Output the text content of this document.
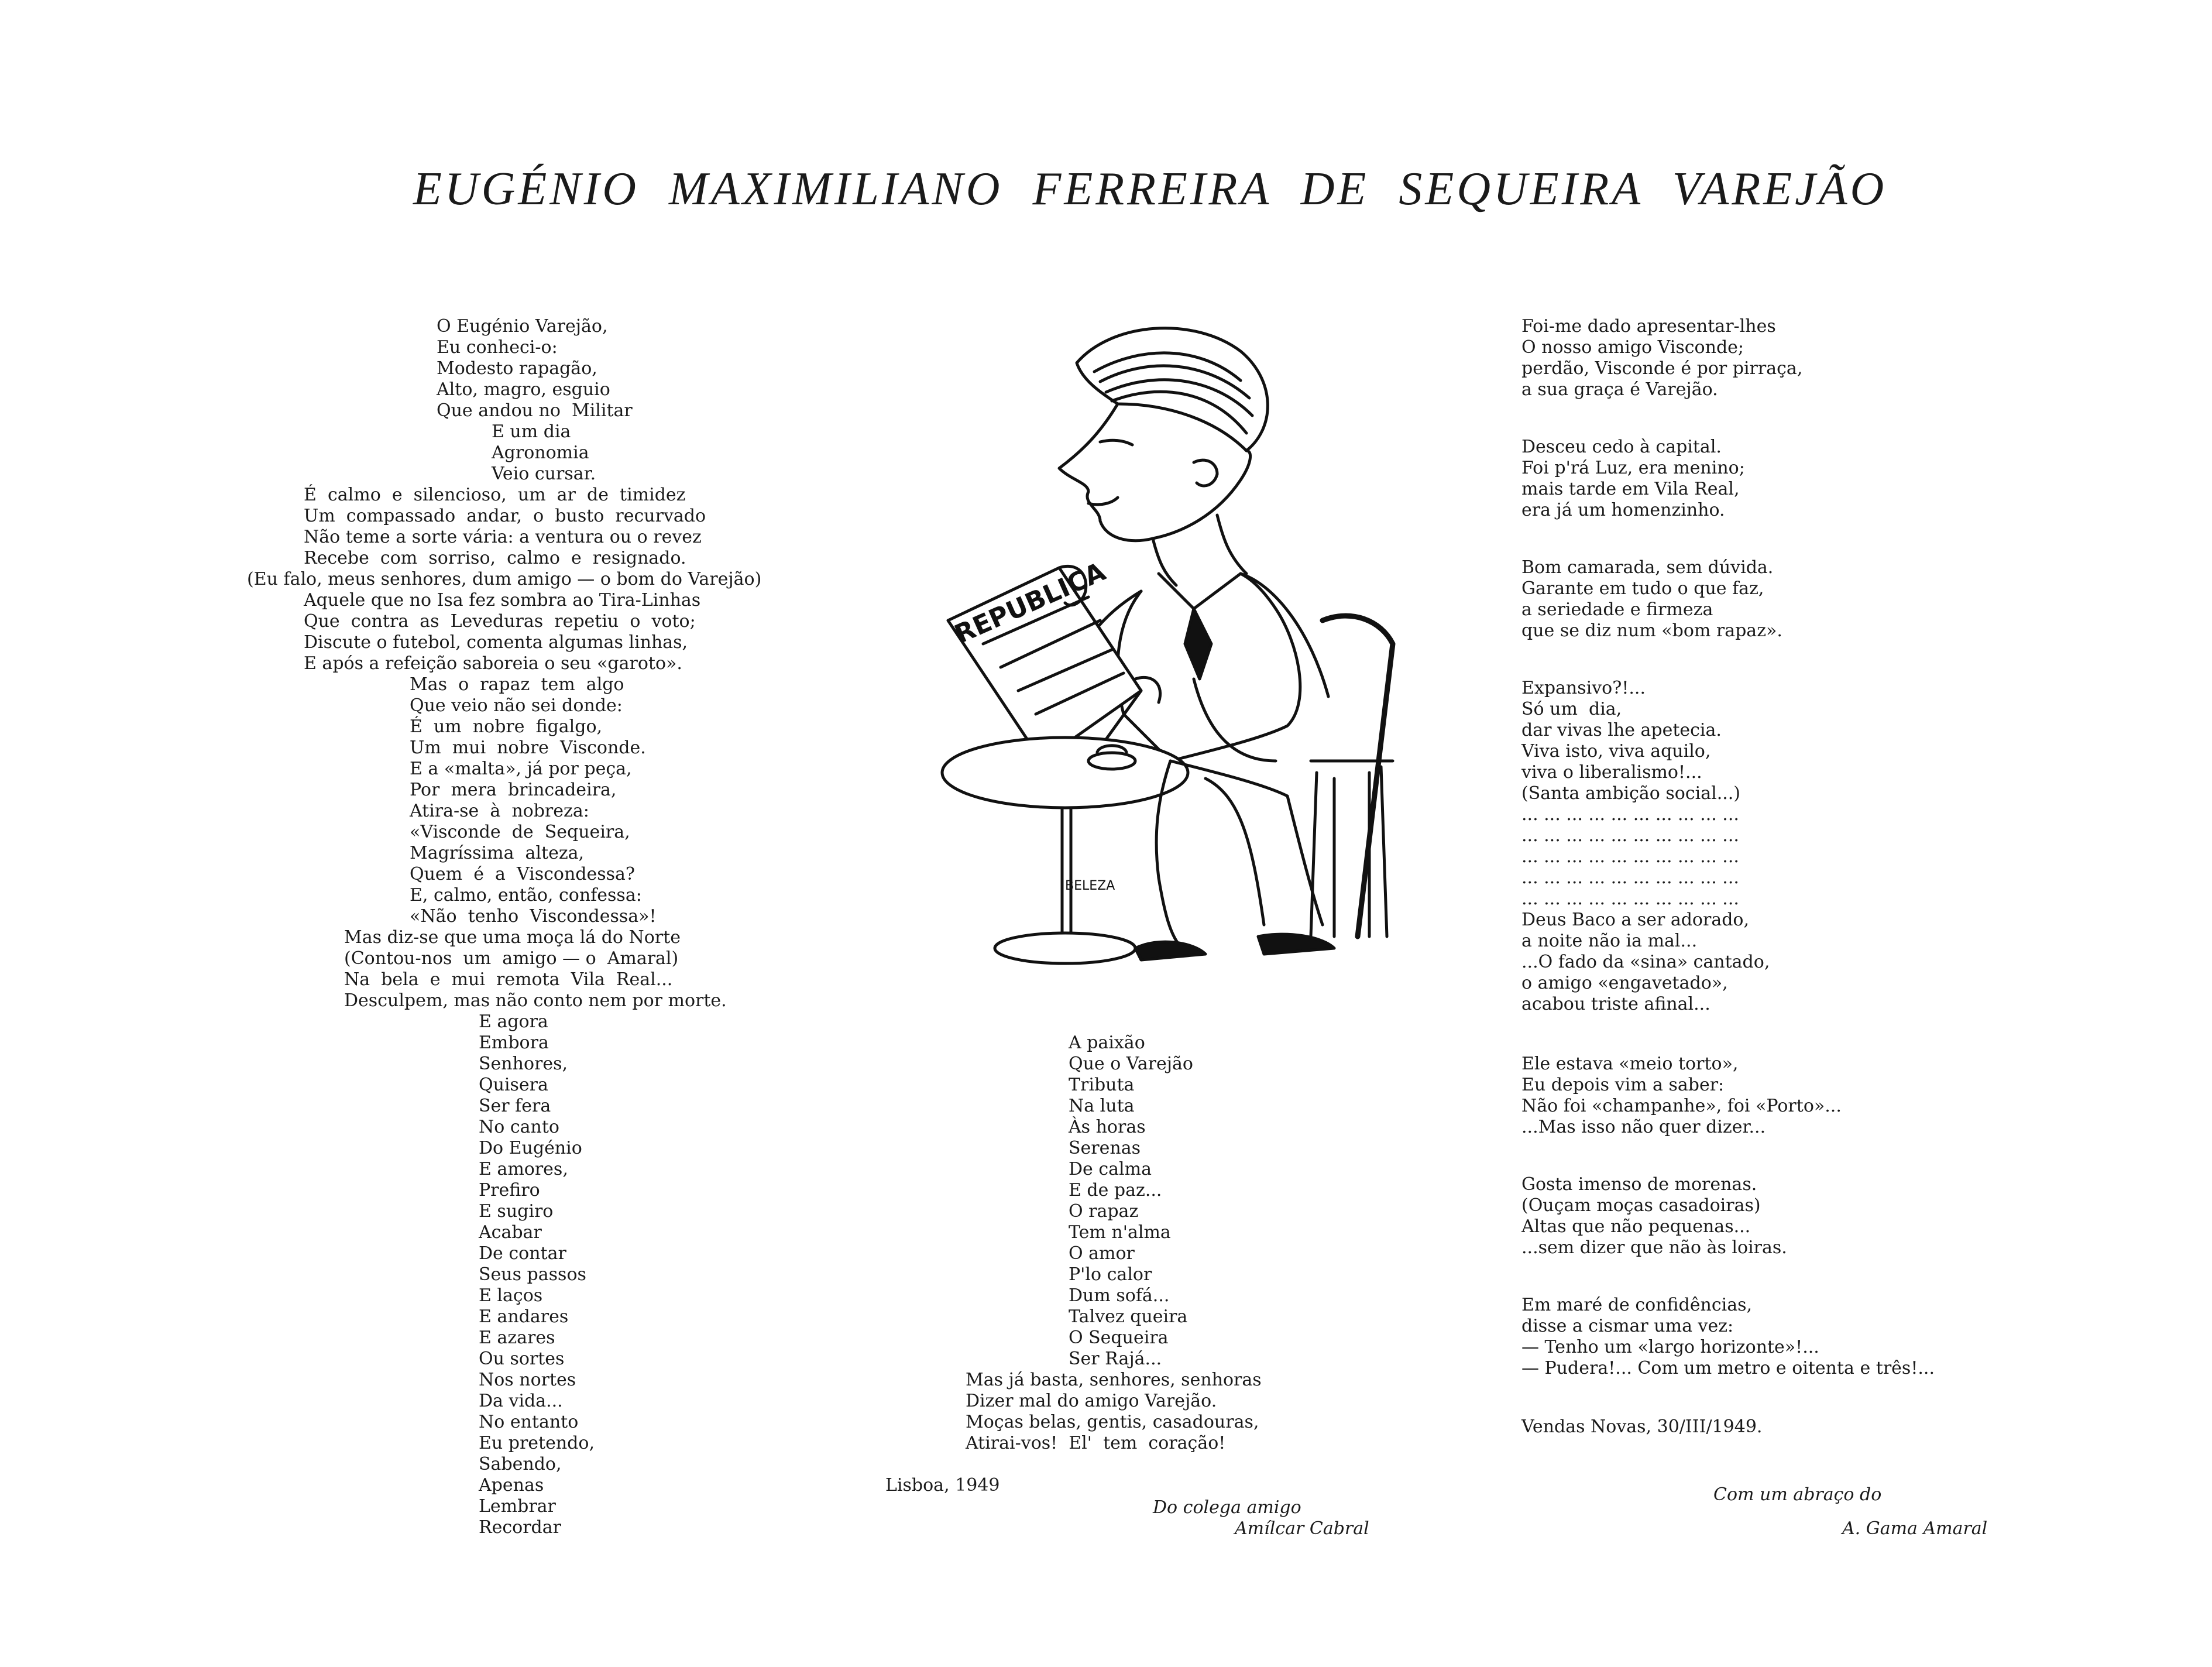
EUGÉNIO MAXIMILIANO FERREIRA DE SEQUEIRA VAREJÃO
O Eugénio Varejão,
Eu conheci-o:
Modesto rapagão,
Alto, magro, esguio
Que andou no  Militar
E um dia
Agronomia
Veio cursar.
É  calmo  e  silencioso,  um  ar  de  timidez
Um  compassado  andar,  o  busto  recurvado
Não teme a sorte vária: a ventura ou o revez
Recebe  com  sorriso,  calmo  e  resignado.
(Eu falo, meus senhores, dum amigo — o bom do Varejão)
Aquele que no Isa fez sombra ao Tira-Linhas
Que  contra  as  Leveduras  repetiu  o  voto;
Discute o futebol, comenta algumas linhas,
E após a refeição saboreia o seu «garoto».
Mas  o  rapaz  tem  algo
Que veio não sei donde:
É  um  nobre  figalgo,
Um  mui  nobre  Visconde.
E a «malta», já por peça,
Por  mera  brincadeira,
Atira-se  à  nobreza:
«Visconde  de  Sequeira,
Magríssima  alteza,
Quem  é  a  Viscondessa?
E, calmo, então, confessa:
«Não  tenho  Viscondessa»!
Mas diz-se que uma moça lá do Norte
(Contou-nos  um  amigo — o  Amaral)
Na  bela  e  mui  remota  Vila  Real...
Desculpem, mas não conto nem por morte.
E agora
Embora
Senhores,
Quisera
Ser fera
No canto
Do Eugénio
E amores,
Prefiro
E sugiro
Acabar
De contar
Seus passos
E laços
E andares
E azares
Ou sortes
Nos nortes
Da vida...
No entanto
Eu pretendo,
Sabendo,
Apenas
Lembrar
Recordar
REPUBLICA
BELEZA
A paixão
Que o Varejão
Tributa
Na luta
Às horas
Serenas
De calma
E de paz...
O rapaz
Tem n'alma
O amor
P'lo calor
Dum sofá...
Talvez queira
O Sequeira
Ser Rajá...
Mas já basta, senhores, senhoras
Dizer mal do amigo Varejão.
Moças belas, gentis, casadouras,
Atirai-vos!  El'  tem  coração!

Lisboa, 1949

Do colega amigo

Amílcar Cabral

Foi-me dado apresentar-lhes
O nosso amigo Visconde;
perdão, Visconde é por pirraça,
a sua graça é Varejão.
Desceu cedo à capital.
Foi p'rá Luz, era menino;
mais tarde em Vila Real,
era já um homenzinho.
Bom camarada, sem dúvida.
Garante em tudo o que faz,
a seriedade e firmeza
que se diz num «bom rapaz».
Expansivo?!...
Só um  dia,
dar vivas lhe apetecia.
Viva isto, viva aquilo,
viva o liberalismo!...
(Santa ambição social...)
... ... ... ... ... ... ... ... ... ...
... ... ... ... ... ... ... ... ... ...
... ... ... ... ... ... ... ... ... ...
... ... ... ... ... ... ... ... ... ...
... ... ... ... ... ... ... ... ... ...
Deus Baco a ser adorado,
a noite não ia mal...
...O fado da «sina» cantado,
o amigo «engavetado»,
acabou triste afinal...
Ele estava «meio torto»,
Eu depois vim a saber:
Não foi «champanhe», foi «Porto»...
...Mas isso não quer dizer...
Gosta imenso de morenas.
(Ouçam moças casadoiras)
Altas que não pequenas...
...sem dizer que não às loiras.
Em maré de confidências,
disse a cismar uma vez:
— Tenho um «largo horizonte»!...
— Pudera!... Com um metro e oitenta e três!...

Vendas Novas, 30/III/1949.

Com um abraço do

A. Gama Amaral
